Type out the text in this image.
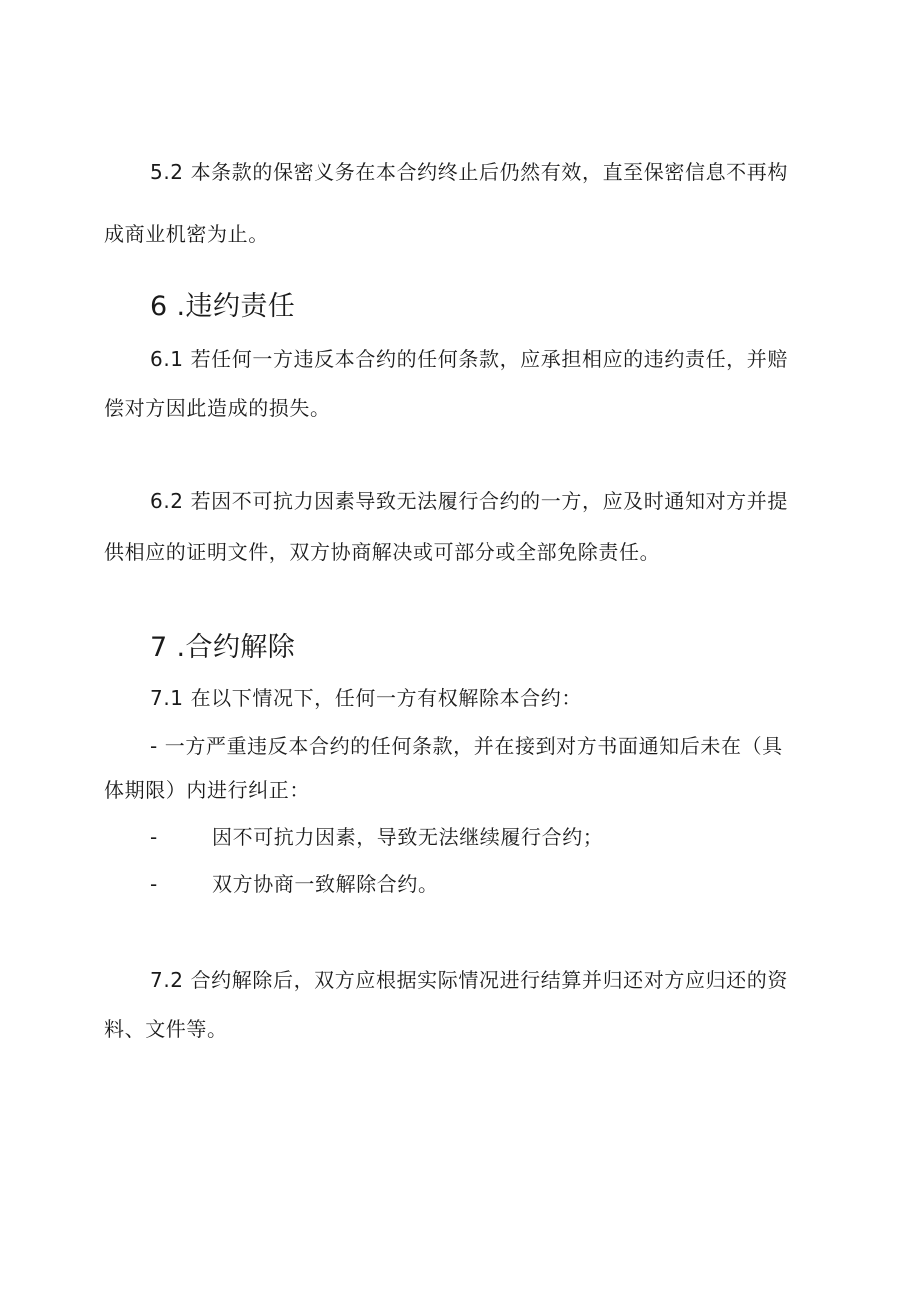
5.2 本条款的保密义务在本合约终止后仍然有效，直至保密信息不再构
成商业机密为止。
6 .违约责任
6.1 若任何一方违反本合约的任何条款，应承担相应的违约责任，并赔
偿对方因此造成的损失。
6.2 若因不可抗力因素导致无法履行合约的一方，应及时通知对方并提
供相应的证明文件，双方协商解决或可部分或全部免除责任。
7 .合约解除
7.1 在以下情况下，任何一方有权解除本合约：
- 一方严重违反本合约的任何条款，并在接到对方书面通知后未在（具
体期限）内进行纠正：
-	因不可抗力因素，导致无法继续履行合约；
-	双方协商一致解除合约。
7.2 合约解除后，双方应根据实际情况进行结算并归还对方应归还的资
料、文件等。
